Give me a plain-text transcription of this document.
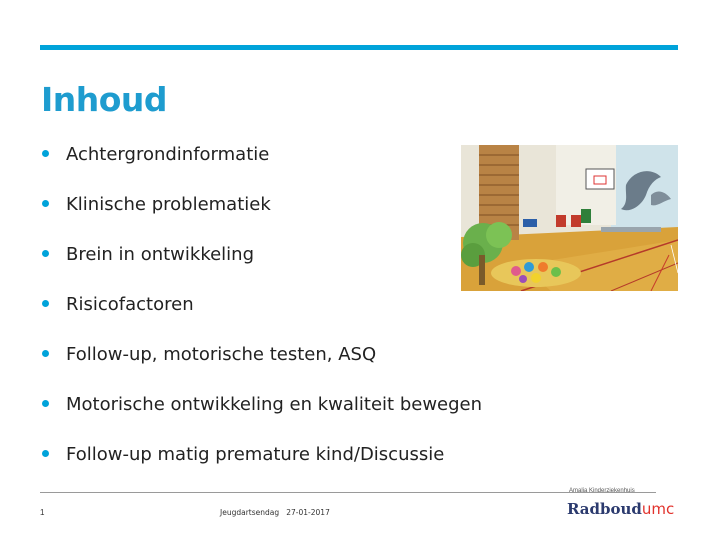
Inhoud
Achtergrondinformatie
Klinische problematiek
Brein in ontwikkeling
Risicofactoren
Follow-up, motorische testen, ASQ
Motorische ontwikkeling en kwaliteit bewegen
Follow-up matig premature kind/Discussie
1	Jeugdartsendag   27-01-2017
Amalia Kinderziekenhuis
Radboudumc
